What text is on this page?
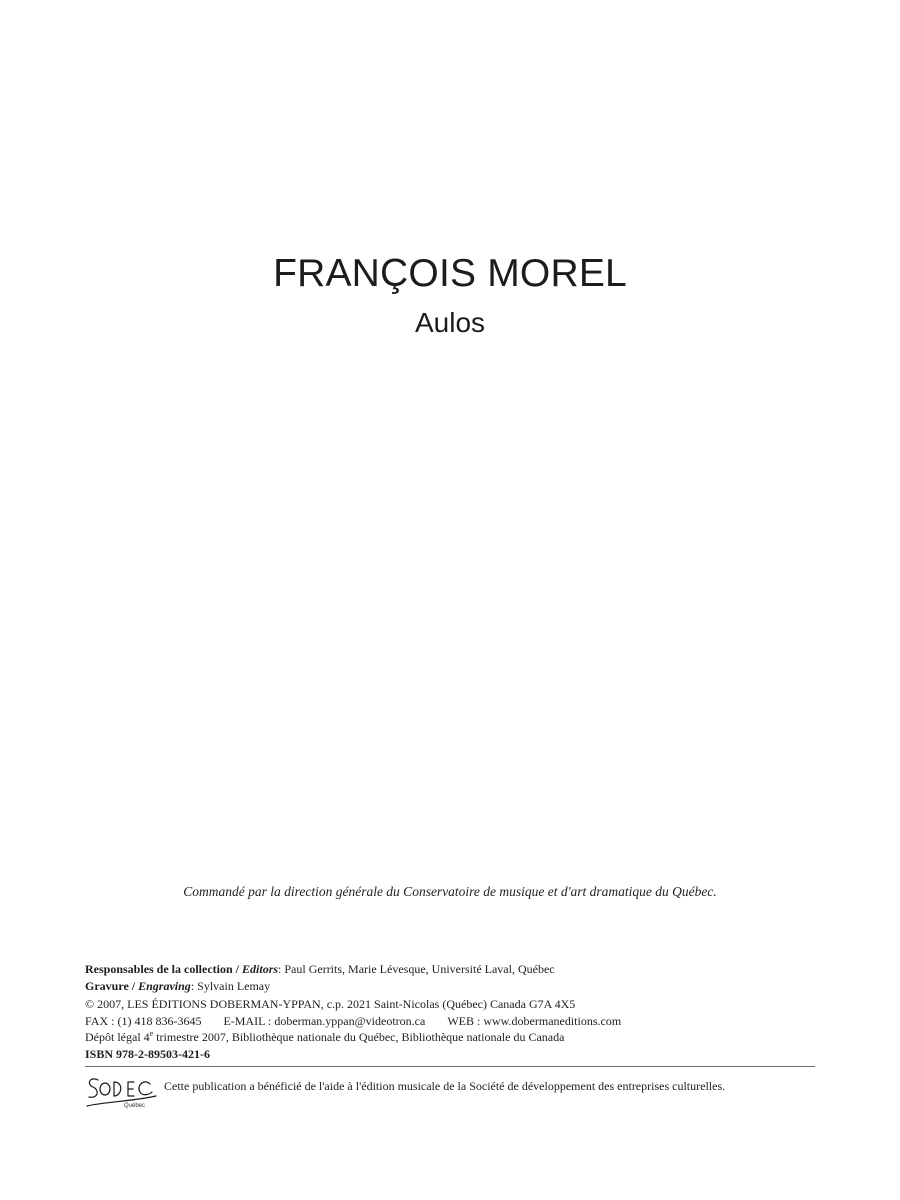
FRANÇOIS MOREL
Aulos
Commandé par la direction générale du Conservatoire de musique et d'art dramatique du Québec.
Responsables de la collection / Editors: Paul Gerrits, Marie Lévesque, Université Laval, Québec
Gravure / Engraving: Sylvain Lemay
© 2007, LES ÉDITIONS DOBERMAN-YPPAN, c.p. 2021 Saint-Nicolas (Québec) Canada G7A 4X5
FAX : (1) 418 836-3645 E-MAIL : doberman.yppan@videotron.ca WEB : www.dobermaneditions.com
Dépôt légal 4e trimestre 2007, Bibliothèque nationale du Québec, Bibliothèque nationale du Canada
ISBN 978-2-89503-421-6
Québec
Cette publication a bénéficié de l'aide à l'édition musicale de la Société de développement des entreprises culturelles.
